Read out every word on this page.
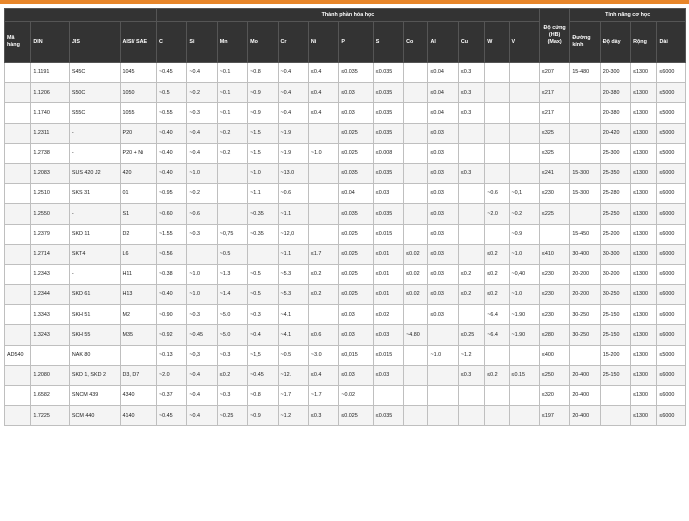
				Thành phần hóa học													Độ cứng (HB) (Max)	Tính năng cơ học			
Mã hàng	DIN	JIS	AISI/ SAE	C	Si	Mn	Mo	Cr	Ni	P	S	Co	Al	Cu	W	V		Đường kính	Độ dày	Rộng	Dài
	1.1191	S45C	1045	~0.45	~0.4	~0.1	~0.8	~0.4	≤0.4	≤0.035	≤0.035		≤0.04	≤0.3			≤207	15-480	20-300	≤1300	≤6000
	1.1206	S50C	1050	~0.5	~0.2	~0.1	~0.9	~0.4	≤0.4	≤0.03	≤0.035		≤0.04	≤0.3			≤217		20-380	≤1300	≤5000
	1.1740	S55C	1055	~0.55	~0.3	~0.1	~0.9	~0.4	≤0.4	≤0.03	≤0.035		≤0.04	≤0.3			≤217		20-380	≤1300	≤5000
	1.2311	-	P20	~0.40	~0.4	~0.2	~1.5	~1.9		≤0.025	≤0.035		≤0.03				≤325		20-420	≤1300	≤5000
	1.2738	-	P20 + Ni	~0.40	~0.4	~0.2	~1.5	~1.9	~1.0	≤0.025	≤0.008		≤0.03				≤325		25-300	≤1300	≤5000
	1.2083	SUS 420 J2	420	~0.40	~1.0		~1.0	~13.0		≤0.035	≤0.035		≤0.03	≤0.3			≤241	15-300	25-350	≤1300	≤6000
	1.2510	SKS 31	01	~0.95	~0.2		~1.1	~0.6		≤0.04	≤0.03		≤0.03		~0.6	~0,1	≤230	15-300	25-280	≤1300	≤6000
	1.2550	-	S1	~0.60	~0.6		~0.35	~1.1		≤0.035	≤0.035		≤0.03		~2.0	~0.2	≤225		25-250	≤1300	≤6000
	1.2379	SKD 11	D2	~1.55	~0.3	~0,75	~0.35	~12,0		≤0.025	≤0.015		≤0.03			~0.9		15-450	25-200	≤1300	≤6000
	1.2714	SKT4	L6	~0.56		~0.5		~1.1	≤1.7	≤0.025	≤0.01	≤0.02	≤0.03		≤0.2	~1.0	≤410	30-400	30-300	≤1300	≤6000
	1.2343	-	H11	~0.38	~1.0	~1.3	~0.5	~5.3	≤0.2	≤0.025	≤0.01	≤0.02	≤0.03	≤0.2	≤0.2	~0,40	≤230	20-200	30-200	≤1300	≤6000
	1.2344	SKD 61	H13	~0.40	~1.0	~1.4	~0.5	~5.3	≤0.2	≤0.025	≤0.01	≤0.02	≤0.03	≤0.2	≤0.2	~1.0	≤230	20-200	30-250	≤1300	≤6000
	1.3343	SKH 51	M2	~0.90	~0.3	~5.0	~0.3	~4.1		≤0.03	≤0.02		≤0.03		~6.4	~1.90	≤230	30-250	25-150	≤1300	≤6000
	1.3243	SKH 55	M35	~0.92	~0.45	~5.0	~0.4	~4.1	≤0.6	≤0.03	≤0.03	~4.80		≤0.25	~6.4	~1.90	≤280	30-250	25-150	≤1300	≤6000
AD540		NAK 80		~0.13	~0,3	~0.3	~1,5	~0.5	~3.0	≤0,015	≤0.015		~1.0	~1.2			≤400		15-200	≤1300	≤5000
	1.2080	SKD 1, SKD 2	D3, D7	~2.0	~0.4	≤0.2	~0.45	~12.	≤0.4	≤0.03	≤0.03			≤0.3	≤0.2	≤0.15	≤250	20-400	25-150	≤1300	≤6000
	1.6582	SNCM 439	4340	~0.37	~0.4	~0.3	~0.8	~1.7	~1.7	~0.02							≤320	20-400		≤1300	≤6000
	1.7225	SCM 440	4140	~0.45	~0.4	~0.25	~0.9	~1.2	≤0.3	≤0.025	≤0.035						≤197	20-400		≤1300	≤6000
